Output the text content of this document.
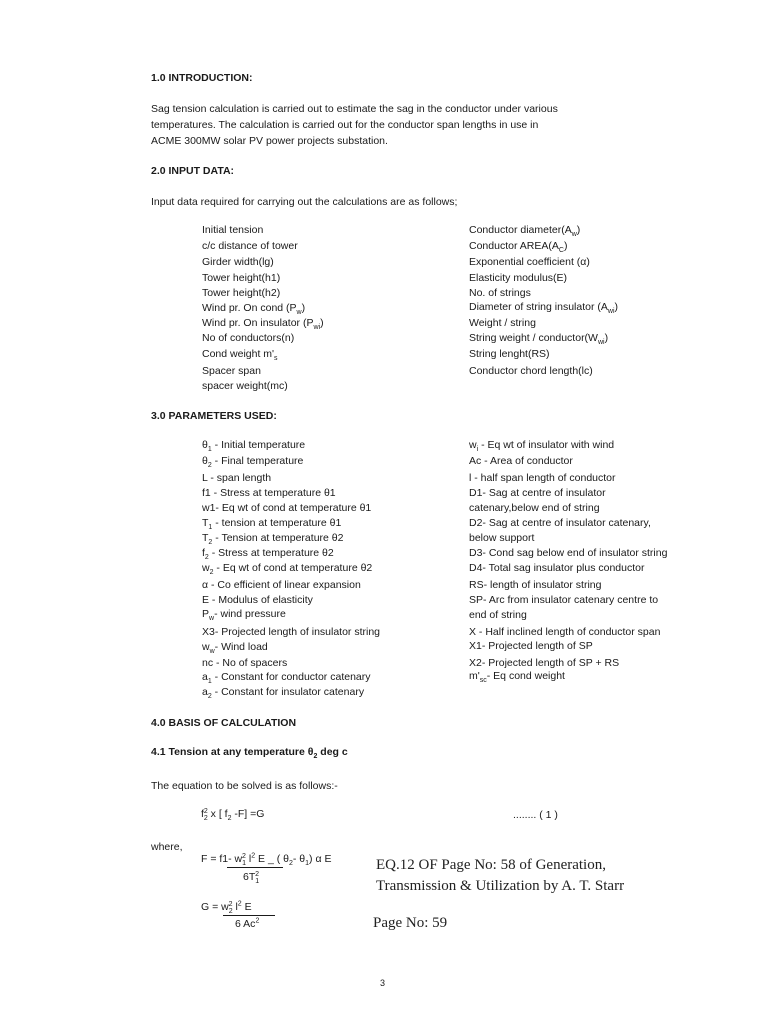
1.0 INTRODUCTION:
Sag tension calculation is carried out to estimate the sag in the conductor under various
temperatures. The calculation is carried out for the conductor span lengths in use in
ACME 300MW solar PV power projects substation.
2.0 INPUT DATA:
Input data required for carrying out the calculations are as follows;
Initial tension
c/c distance of tower
Girder width(lg)
Tower height(h1)
Tower height(h2)
Wind pr. On cond $(P_w)$
Wind pr. On insulator $(P_{wi})$
No of conductors(n)
Cond weight $m'_s$
Spacer span
spacer weight(mc)
Conductor $diameter(A_w)$
Conductor $AREA(A_C)$
Exponential coefficient (α)
Elasticity modulus(E)
No. of strings
Diameter of string insulator $(A_{wi})$
Weight / string
String weight / $conductor(W_{wi})$
String lenght(RS)
Conductor chord length(lc)
3.0 PARAMETERS USED:
$\theta_1$ - Initial temperature
$\theta_2$ - Final temperature
L - span length
f1 - Stress at temperature θ1
w1- Eq wt of cond at temperature θ1
$T_1$ - tension at temperature θ1
$T_2$ - Tension at temperature θ2
$f_2$ - Stress at temperature θ2
$w_2$ - Eq wt of cond at temperature θ2
α - Co efficient of linear expansion
E - Modulus of elasticity
$P_w-$ wind pressure
X3- Projected length of insulator string
$w_w-$ Wind load
nc - No of spacers
$a_1$ - Constant for conductor catenary
$a_2$ - Constant for insulator catenary
$w_i$ - Eq wt of insulator with wind
Ac - Area of conductor
l - half span length of conductor
D1- Sag at centre of insulator
catenary,below end of string
D2- Sag at centre of insulator catenary,
below support
D3- Cond sag below end of insulator string
D4- Total sag insulator plus conductor
RS- length of insulator string
SP- Arc from insulator catenary centre to
end of string
X - Half inclined length of conductor span
X1- Projected length of SP
X2- Projected length of SP + RS
$m'_{sc}-$ Eq cond weight
4.0 BASIS OF CALCULATION
4.1 Tension at any temperature $\theta_2$ deg c
The equation to be solved is as follows:-
$f_2^2$ x [ $f_2$ -F] =G	........ ( 1 )
where,
F = f1- $w_1^2$ $l^2$ E _ ( $\theta_2-$ $\theta_1$) α E
$6T_1^2$
$G = w_2^2$ $l^2$ E
6 Ac$^2$
EQ.12 OF Page No: 58 of Generation,
Transmission & Utilization by A. T. Starr
Page No: 59
3
